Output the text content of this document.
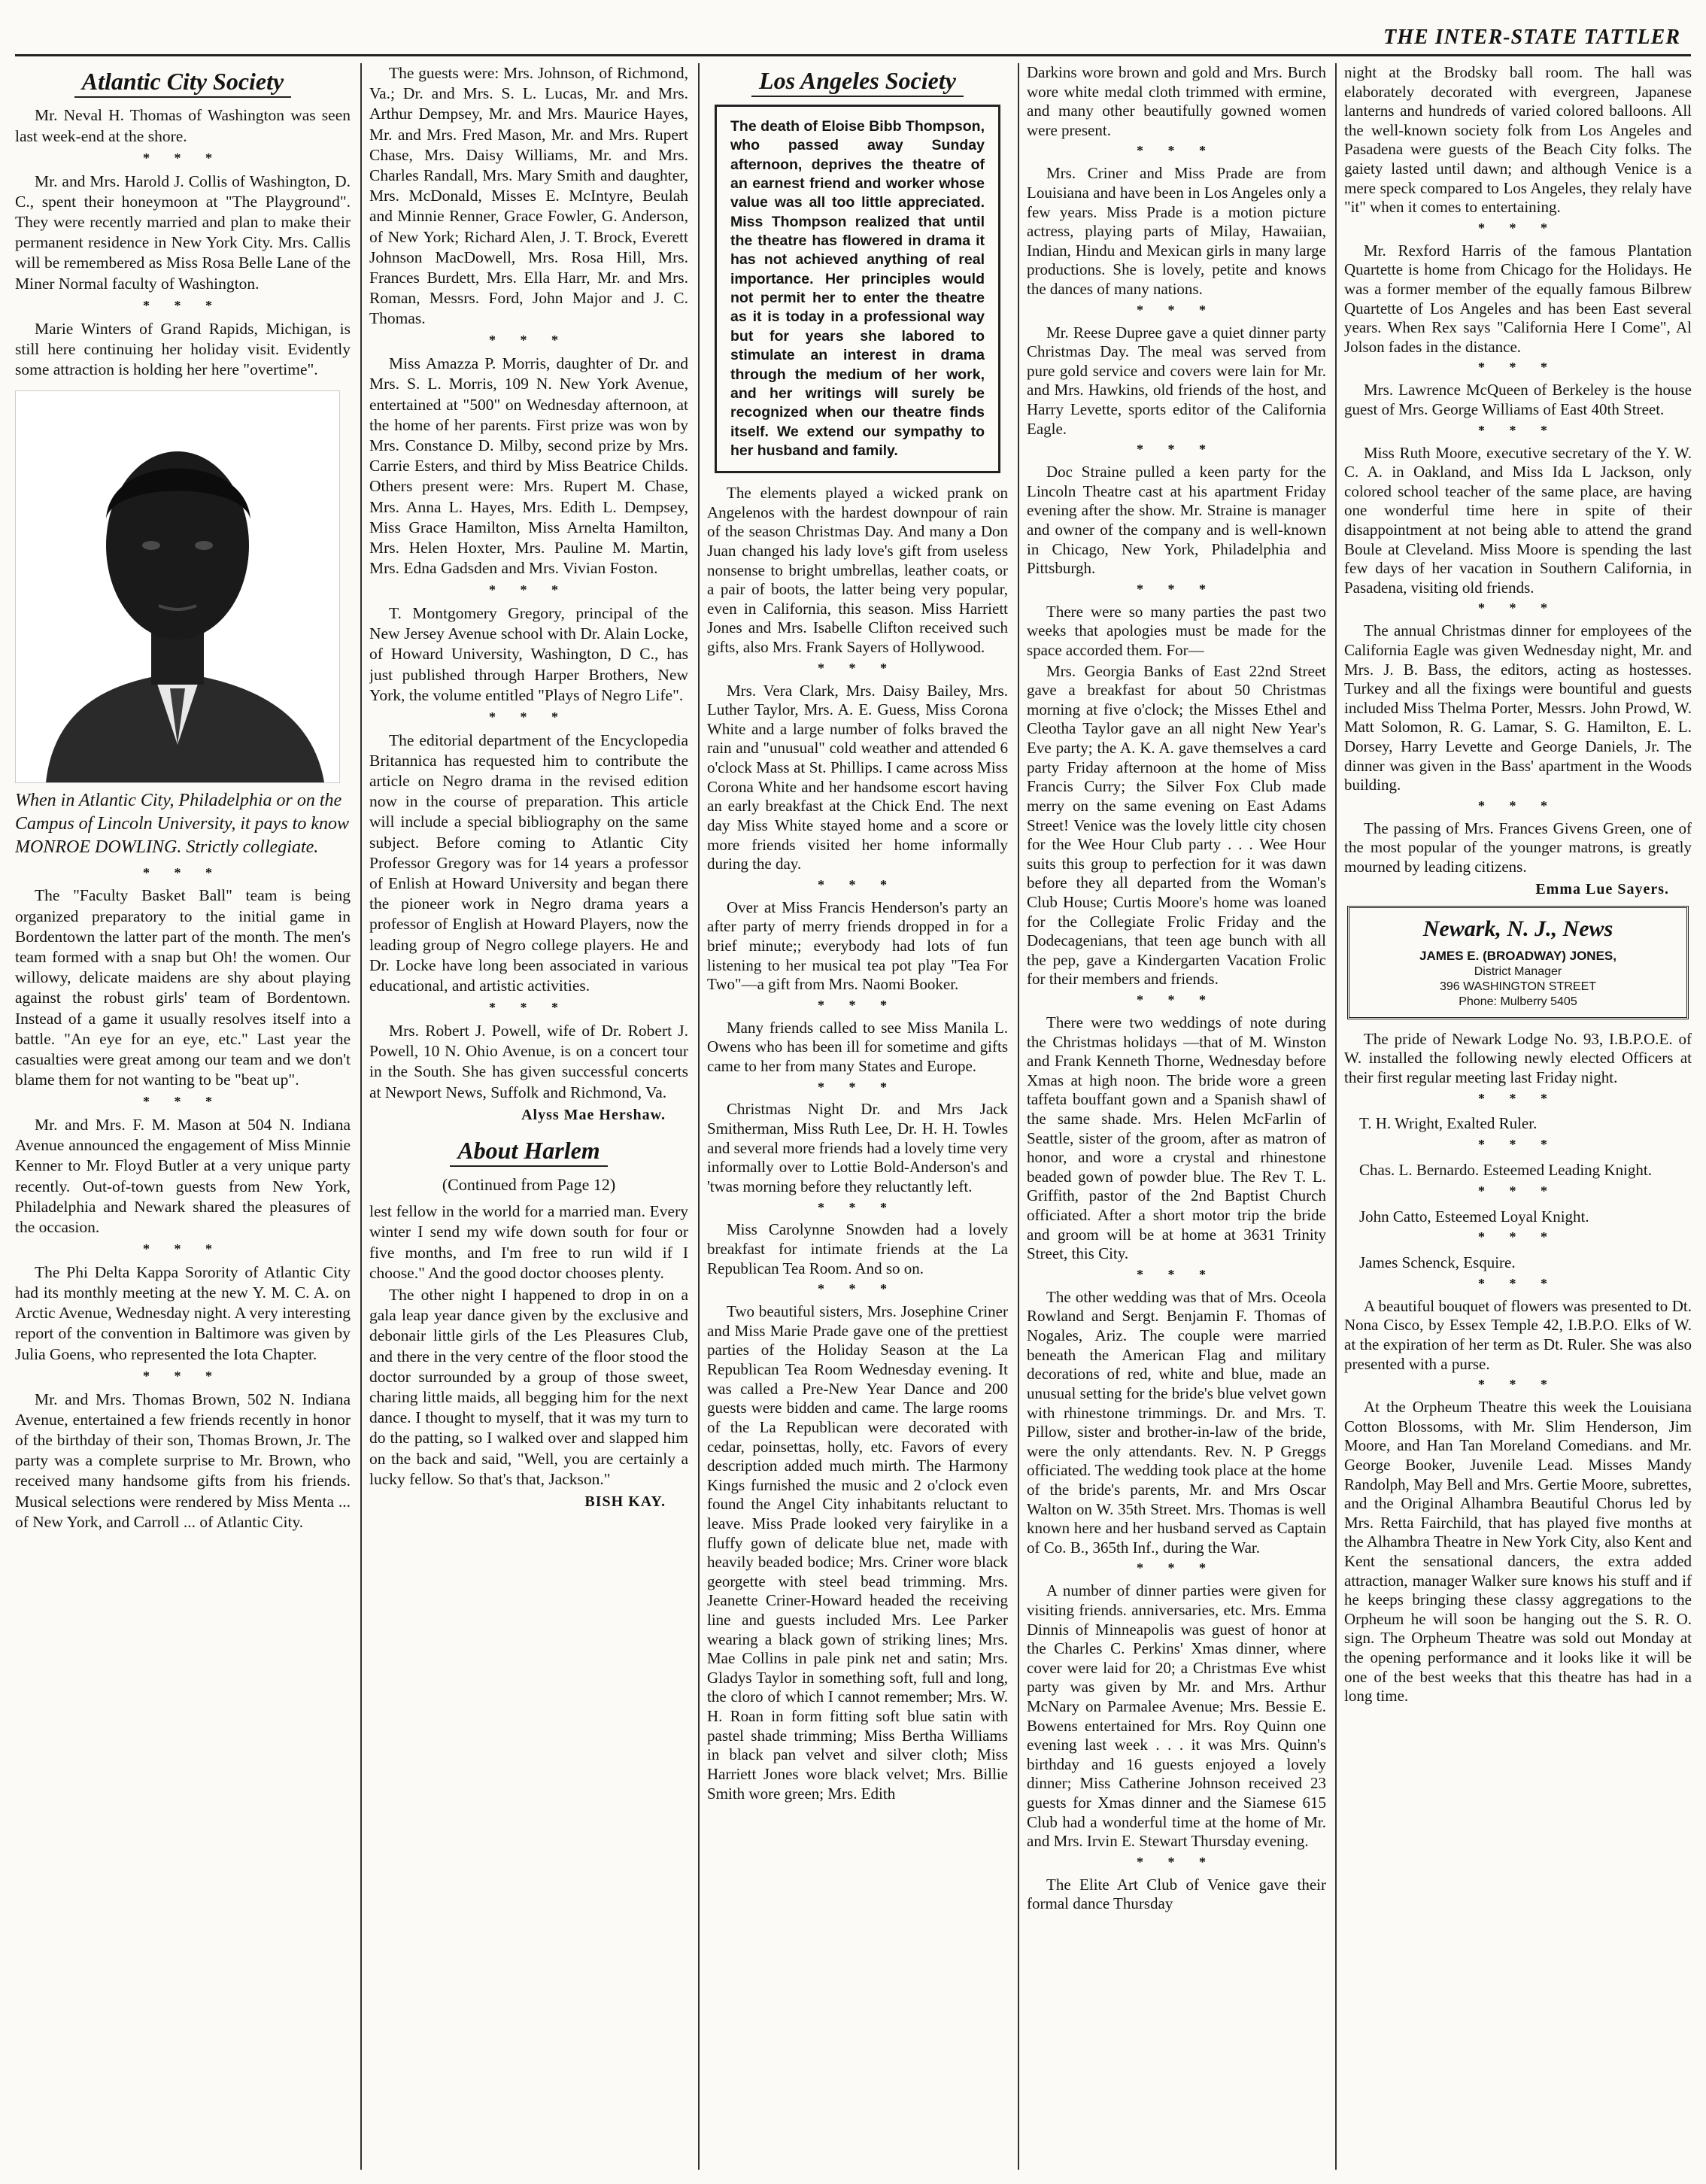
THE INTER-STATE TATTLER
Atlantic City Society

Mr. Neval H. Thomas of Washington was seen last week-end at the shore.

* * *

Mr. and Mrs. Harold J. Collis of Washington, D. C., spent their honeymoon at "The Playground". They were recently married and plan to make their permanent residence in New York City. Mrs. Callis will be remembered as Miss Rosa Belle Lane of the Miner Normal faculty of Washington.

* * *

Marie Winters of Grand Rapids, Michigan, is still here continuing her holiday visit. Evidently some attraction is holding her here "overtime".

When in Atlantic City, Philadelphia or on the Campus of Lincoln University, it pays to know MONROE DOWLING. Strictly collegiate.
* * *

The "Faculty Basket Ball" team is being organized preparatory to the initial game in Bordentown the latter part of the month. The men's team formed with a snap but Oh! the women. Our willowy, delicate maidens are shy about playing against the robust girls' team of Bordentown. Instead of a game it usually resolves itself into a battle. "An eye for an eye, etc." Last year the casualties were great among our team and we don't blame them for not wanting to be "beat up".

* * *

Mr. and Mrs. F. M. Mason at 504 N. Indiana Avenue announced the engagement of Miss Minnie Kenner to Mr. Floyd Butler at a very unique party recently. Out-of-town guests from New York, Philadelphia and Newark shared the pleasures of the occasion.

* * *

The Phi Delta Kappa Sorority of Atlantic City had its monthly meeting at the new Y. M. C. A. on Arctic Avenue, Wednesday night. A very interesting report of the convention in Baltimore was given by Julia Goens, who represented the Iota Chapter.

* * *

Mr. and Mrs. Thomas Brown, 502 N. Indiana Avenue, entertained a few friends recently in honor of the birthday of their son, Thomas Brown, Jr. The party was a complete surprise to Mr. Brown, who received many handsome gifts from his friends. Musical selections were rendered by Miss Menta ... of New York, and Carroll ... of Atlantic City.

The guests were: Mrs. Johnson, of Richmond, Va.; Dr. and Mrs. S. L. Lucas, Mr. and Mrs. Arthur Dempsey, Mr. and Mrs. Maurice Hayes, Mr. and Mrs. Fred Mason, Mr. and Mrs. Rupert Chase, Mrs. Daisy Williams, Mr. and Mrs. Charles Randall, Mrs. Mary Smith and daughter, Mrs. McDonald, Misses E. McIntyre, Beulah and Minnie Renner, Grace Fowler, G. Anderson, of New York; Richard Alen, J. T. Brock, Everett Johnson MacDowell, Mrs. Rosa Hill, Mrs. Frances Burdett, Mrs. Ella Harr, Mr. and Mrs. Roman, Messrs. Ford, John Major and J. C. Thomas.

* * *

Miss Amazza P. Morris, daughter of Dr. and Mrs. S. L. Morris, 109 N. New York Avenue, entertained at "500" on Wednesday afternoon, at the home of her parents. First prize was won by Mrs. Constance D. Milby, second prize by Mrs. Carrie Esters, and third by Miss Beatrice Childs. Others present were: Mrs. Rupert M. Chase, Mrs. Anna L. Hayes, Mrs. Edith L. Dempsey, Miss Grace Hamilton, Miss Arnelta Hamilton, Mrs. Helen Hoxter, Mrs. Pauline M. Martin, Mrs. Edna Gadsden and Mrs. Vivian Foston.

* * *

T. Montgomery Gregory, principal of the New Jersey Avenue school with Dr. Alain Locke, of Howard University, Washington, D C., has just published through Harper Brothers, New York, the volume entitled "Plays of Negro Life".

* * *

The editorial department of the Encyclopedia Britannica has requested him to contribute the article on Negro drama in the revised edition now in the course of preparation. This article will include a special bibliography on the same subject. Before coming to Atlantic City Professor Gregory was for 14 years a professor of Enlish at Howard University and began there the pioneer work in Negro drama years a professor of English at Howard Players, now the leading group of Negro college players. He and Dr. Locke have long been associated in various educational, and artistic activities.

* * *

Mrs. Robert J. Powell, wife of Dr. Robert J. Powell, 10 N. Ohio Avenue, is on a concert tour in the South. She has given successful concerts at Newport News, Suffolk and Richmond, Va.

Alyss Mae Hershaw.
About Harlem
(Continued from Page 12)

lest fellow in the world for a married man. Every winter I send my wife down south for four or five months, and I'm free to run wild if I choose." And the good doctor chooses plenty.

The other night I happened to drop in on a gala leap year dance given by the exclusive and debonair little girls of the Les Pleasures Club, and there in the very centre of the floor stood the doctor surrounded by a group of those sweet, charing little maids, all begging him for the next dance. I thought to myself, that it was my turn to do the patting, so I walked over and slapped him on the back and said, "Well, you are certainly a lucky fellow. So that's that, Jackson."

BISH KAY.
Los Angeles Society
The death of Eloise Bibb Thompson, who passed away Sunday afternoon, deprives the theatre of an earnest friend and worker whose value was all too little appreciated. Miss Thompson realized that until the theatre has flowered in drama it has not achieved anything of real importance. Her principles would not permit her to enter the theatre as it is today in a professional way but for years she labored to stimulate an interest in drama through the medium of her work, and her writings will surely be recognized when our theatre finds itself. We extend our sympathy to her husband and family.

The elements played a wicked prank on Angelenos with the hardest downpour of rain of the season Christmas Day. And many a Don Juan changed his lady love's gift from useless nonsense to bright umbrellas, leather coats, or a pair of boots, the latter being very popular, even in California, this season. Miss Harriett Jones and Mrs. Isabelle Clifton received such gifts, also Mrs. Frank Sayers of Hollywood.

* * *

Mrs. Vera Clark, Mrs. Daisy Bailey, Mrs. Luther Taylor, Mrs. A. E. Guess, Miss Corona White and a large number of folks braved the rain and "unusual" cold weather and attended 6 o'clock Mass at St. Phillips. I came across Miss Corona White and her handsome escort having an early breakfast at the Chick End. The next day Miss White stayed home and a score or more friends visited her home informally during the day.

* * *

Over at Miss Francis Henderson's party an after party of merry friends dropped in for a brief minute;; everybody had lots of fun listening to her musical tea pot play "Tea For Two"—a gift from Mrs. Naomi Booker.

* * *

Many friends called to see Miss Manila L. Owens who has been ill for sometime and gifts came to her from many States and Europe.

* * *

Christmas Night Dr. and Mrs Jack Smitherman, Miss Ruth Lee, Dr. H. H. Towles and several more friends had a lovely time very informally over to Lottie Bold-Anderson's and 'twas morning before they reluctantly left.

* * *

Miss Carolynne Snowden had a lovely breakfast for intimate friends at the La Republican Tea Room. And so on.

* * *

Two beautiful sisters, Mrs. Josephine Criner and Miss Marie Prade gave one of the prettiest parties of the Holiday Season at the La Republican Tea Room Wednesday evening. It was called a Pre-New Year Dance and 200 guests were bidden and came. The large rooms of the La Republican were decorated with cedar, poinsettas, holly, etc. Favors of every description added much mirth. The Harmony Kings furnished the music and 2 o'clock even found the Angel City inhabitants reluctant to leave. Miss Prade looked very fairylike in a fluffy gown of delicate blue net, made with heavily beaded bodice; Mrs. Criner wore black georgette with steel bead trimming. Mrs. Jeanette Criner-Howard headed the receiving line and guests included Mrs. Lee Parker wearing a black gown of striking lines; Mrs. Mae Collins in pale pink net and satin; Mrs. Gladys Taylor in something soft, full and long, the cloro of which I cannot remember; Mrs. W. H. Roan in form fitting soft blue satin with pastel shade trimming; Miss Bertha Williams in black pan velvet and silver cloth; Miss Harriett Jones wore black velvet; Mrs. Billie Smith wore green; Mrs. Edith

Darkins wore brown and gold and Mrs. Burch wore white medal cloth trimmed with ermine, and many other beautifully gowned women were present.

* * *

Mrs. Criner and Miss Prade are from Louisiana and have been in Los Angeles only a few years. Miss Prade is a motion picture actress, playing parts of Milay, Hawaiian, Indian, Hindu and Mexican girls in many large productions. She is lovely, petite and knows the dances of many nations.

* * *

Mr. Reese Dupree gave a quiet dinner party Christmas Day. The meal was served from pure gold service and covers were lain for Mr. and Mrs. Hawkins, old friends of the host, and Harry Levette, sports editor of the California Eagle.

* * *

Doc Straine pulled a keen party for the Lincoln Theatre cast at his apartment Friday evening after the show. Mr. Straine is manager and owner of the company and is well-known in Chicago, New York, Philadelphia and Pittsburgh.

* * *

There were so many parties the past two weeks that apologies must be made for the space accorded them. For—

Mrs. Georgia Banks of East 22nd Street gave a breakfast for about 50 Christmas morning at five o'clock; the Misses Ethel and Cleotha Taylor gave an all night New Year's Eve party; the A. K. A. gave themselves a card party Friday afternoon at the home of Miss Francis Curry; the Silver Fox Club made merry on the same evening on East Adams Street! Venice was the lovely little city chosen for the Wee Hour Club party . . . Wee Hour suits this group to perfection for it was dawn before they all departed from the Woman's Club House; Curtis Moore's home was loaned for the Collegiate Frolic Friday and the Dodecagenians, that teen age bunch with all the pep, gave a Kindergarten Vacation Frolic for their members and friends.

* * *

There were two weddings of note during the Christmas holidays —that of M. Winston and Frank Kenneth Thorne, Wednesday before Xmas at high noon. The bride wore a green taffeta bouffant gown and a Spanish shawl of the same shade. Mrs. Helen McFarlin of Seattle, sister of the groom, after as matron of honor, and wore a crystal and rhinestone beaded gown of powder blue. The Rev T. L. Griffith, pastor of the 2nd Baptist Church officiated. After a short motor trip the bride and groom will be at home at 3631 Trinity Street, this City.

* * *

The other wedding was that of Mrs. Oceola Rowland and Sergt. Benjamin F. Thomas of Nogales, Ariz. The couple were married beneath the American Flag and military decorations of red, white and blue, made an unusual setting for the bride's blue velvet gown with rhinestone trimmings. Dr. and Mrs. T. Pillow, sister and brother-in-law of the bride, were the only attendants. Rev. N. P Greggs officiated. The wedding took place at the home of the bride's parents, Mr. and Mrs Oscar Walton on W. 35th Street. Mrs. Thomas is well known here and her husband served as Captain of Co. B., 365th Inf., during the War.

* * *

A number of dinner parties were given for visiting friends. anniversaries, etc. Mrs. Emma Dinnis of Minneapolis was guest of honor at the Charles C. Perkins' Xmas dinner, where cover were laid for 20; a Christmas Eve whist party was given by Mr. and Mrs. Arthur McNary on Parmalee Avenue; Mrs. Bessie E. Bowens entertained for Mrs. Roy Quinn one evening last week . . . it was Mrs. Quinn's birthday and 16 guests enjoyed a lovely dinner; Miss Catherine Johnson received 23 guests for Xmas dinner and the Siamese 615 Club had a wonderful time at the home of Mr. and Mrs. Irvin E. Stewart Thursday evening.

* * *

The Elite Art Club of Venice gave their formal dance Thursday

night at the Brodsky ball room. The hall was elaborately decorated with evergreen, Japanese lanterns and hundreds of varied colored balloons. All the well-known society folk from Los Angeles and Pasadena were guests of the Beach City folks. The gaiety lasted until dawn; and although Venice is a mere speck compared to Los Angeles, they relaly have "it" when it comes to entertaining.

* * *

Mr. Rexford Harris of the famous Plantation Quartette is home from Chicago for the Holidays. He was a former member of the equally famous Bilbrew Quartette of Los Angeles and has been East several years. When Rex says "California Here I Come", Al Jolson fades in the distance.

* * *

Mrs. Lawrence McQueen of Berkeley is the house guest of Mrs. George Williams of East 40th Street.

* * *

Miss Ruth Moore, executive secretary of the Y. W. C. A. in Oakland, and Miss Ida L Jackson, only colored school teacher of the same place, are having one wonderful time here in spite of their disappointment at not being able to attend the grand Boule at Cleveland. Miss Moore is spending the last few days of her vacation in Southern California, in Pasadena, visiting old friends.

* * *

The annual Christmas dinner for employees of the California Eagle was given Wednesday night, Mr. and Mrs. J. B. Bass, the editors, acting as hostesses. Turkey and all the fixings were bountiful and guests included Miss Thelma Porter, Messrs. John Prowd, W. Matt Solomon, R. G. Lamar, S. G. Hamilton, E. L. Dorsey, Harry Levette and George Daniels, Jr. The dinner was given in the Bass' apartment in the Woods building.

* * *

The passing of Mrs. Frances Givens Green, one of the most popular of the younger matrons, is greatly mourned by leading citizens.

Emma Lue Sayers.
Newark, N. J., News
JAMES E. (BROADWAY) JONES,
District Manager
396 WASHINGTON STREET
Phone: Mulberry 5405

The pride of Newark Lodge No. 93, I.B.P.O.E. of W. installed the following newly elected Officers at their first regular meeting last Friday night.

* * *

T. H. Wright, Exalted Ruler.

* * *

Chas. L. Bernardo. Esteemed Leading Knight.

* * *

John Catto, Esteemed Loyal Knight.

* * *

James Schenck, Esquire.

* * *

A beautiful bouquet of flowers was presented to Dt. Nona Cisco, by Essex Temple 42, I.B.P.O. Elks of W. at the expiration of her term as Dt. Ruler. She was also presented with a purse.

* * *

At the Orpheum Theatre this week the Louisiana Cotton Blossoms, with Mr. Slim Henderson, Jim Moore, and Han Tan Moreland Comedians. and Mr. George Booker, Juvenile Lead. Misses Mandy Randolph, May Bell and Mrs. Gertie Moore, subrettes, and the Original Alhambra Beautiful Chorus led by Mrs. Retta Fairchild, that has played five months at the Alhambra Theatre in New York City, also Kent and Kent the sensational dancers, the extra added attraction, manager Walker sure knows his stuff and if he keeps bringing these classy aggregations to the Orpheum he will soon be hanging out the S. R. O. sign. The Orpheum Theatre was sold out Monday at the opening performance and it looks like it will be one of the best weeks that this theatre has had in a long time.
